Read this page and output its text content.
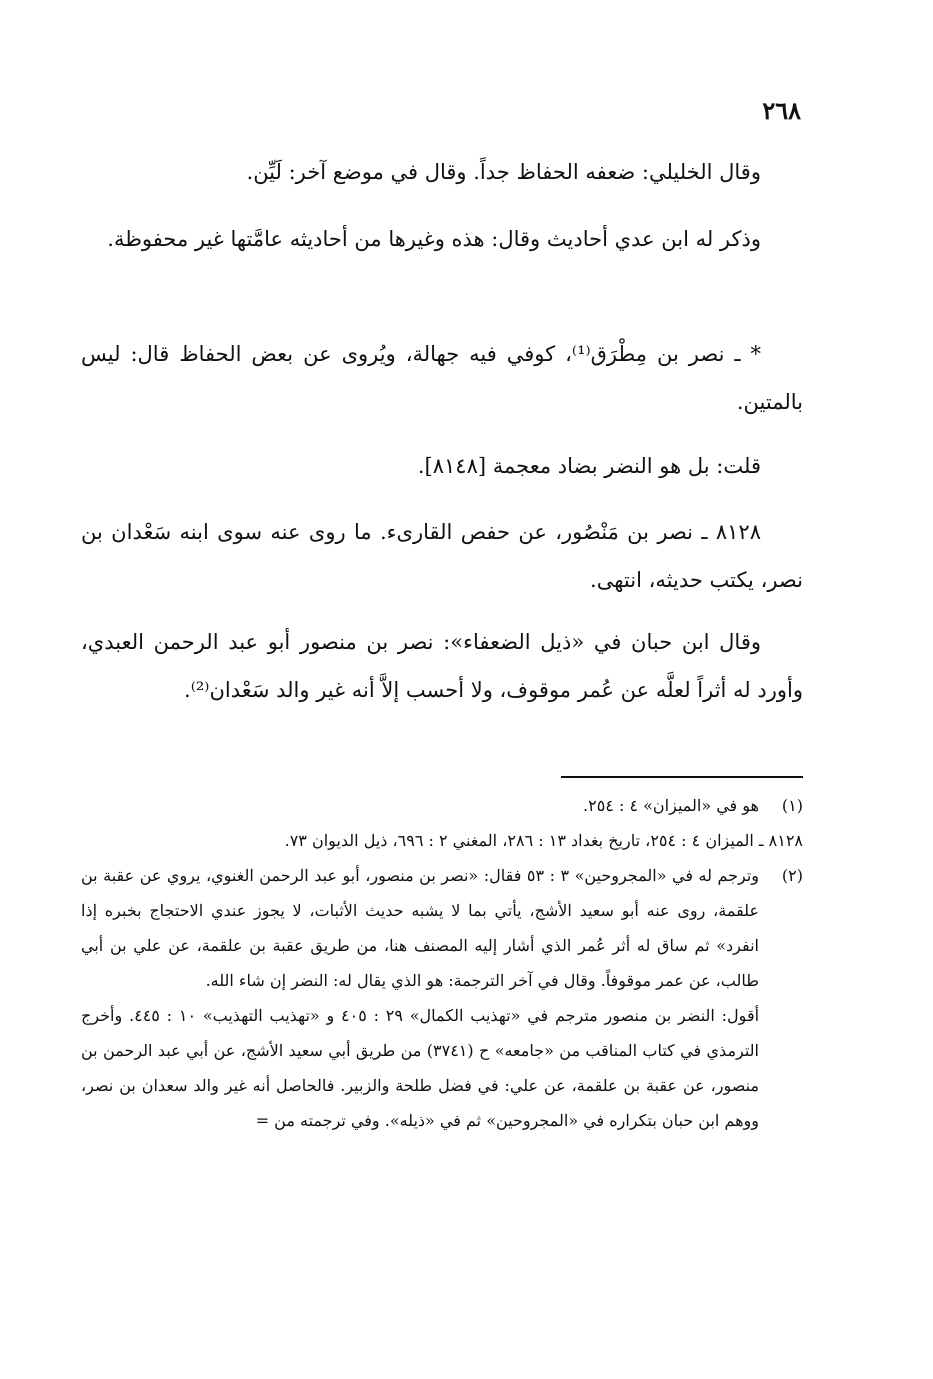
٢٦٨

وقال الخليلي: ضعفه الحفاظ جداً. وقال في موضع آخر: لَيِّن.

وذكر له ابن عدي أحاديث وقال: هذه وغيرها من أحاديثه عامَّتها غير محفوظة.

* ـ نصر بن مِطْرَق⁽¹⁾، كوفي فيه جهالة، ويُروى عن بعض الحفاظ قال: ليس بالمتين.

قلت: بل هو النضر بضاد معجمة [٨١٤٨].

٨١٢٨ ـ نصر بن مَنْصُور، عن حفص القارىء. ما روى عنه سوى ابنه سَعْدان بن نصر، يكتب حديثه، انتهى.

وقال ابن حبان في «ذيل الضعفاء»: نصر بن منصور أبو عبد الرحمن العبدي، وأورد له أثراً لعلَّه عن عُمر موقوف، ولا أحسب إلاَّ أنه غير والد سَعْدان⁽²⁾.

(١)هو في «الميزان» ٤ : ٢٥٤.

٨١٢٨ ـ الميزان ٤ : ٢٥٤، تاريخ بغداد ١٣ : ٢٨٦، المغني ٢ : ٦٩٦، ذيل الديوان ٧٣.

(٢)وترجم له في «المجروحين» ٣ : ٥٣ فقال: «نصر بن منصور، أبو عبد الرحمن الغنوي، يروي عن عقبة بن علقمة، روى عنه أبو سعيد الأشج، يأتي بما لا يشبه حديث الأثبات، لا يجوز عندي الاحتجاج بخبره إذا انفرد» ثم ساق له أثر عُمر الذي أشار إليه المصنف هنا، من طريق عقبة بن علقمة، عن علي بن أبي طالب، عن عمر موقوفاً. وقال في آخر الترجمة: هو الذي يقال له: النضر إن شاء الله.

أقول: النضر بن منصور مترجم في «تهذيب الكمال» ٢٩ : ٤٠٥ و «تهذيب التهذيب» ١٠ : ٤٤٥. وأخرج الترمذي في كتاب المناقب من «جامعه» ح (٣٧٤١) من طريق أبي سعيد الأشج، عن أبي عبد الرحمن بن منصور، عن عقبة بن علقمة، عن علي: في فضل طلحة والزبير. فالحاصل أنه غير والد سعدان بن نصر، ووهم ابن حبان بتكراره في «المجروحين» ثم في «ذيله». وفي ترجمته من =
